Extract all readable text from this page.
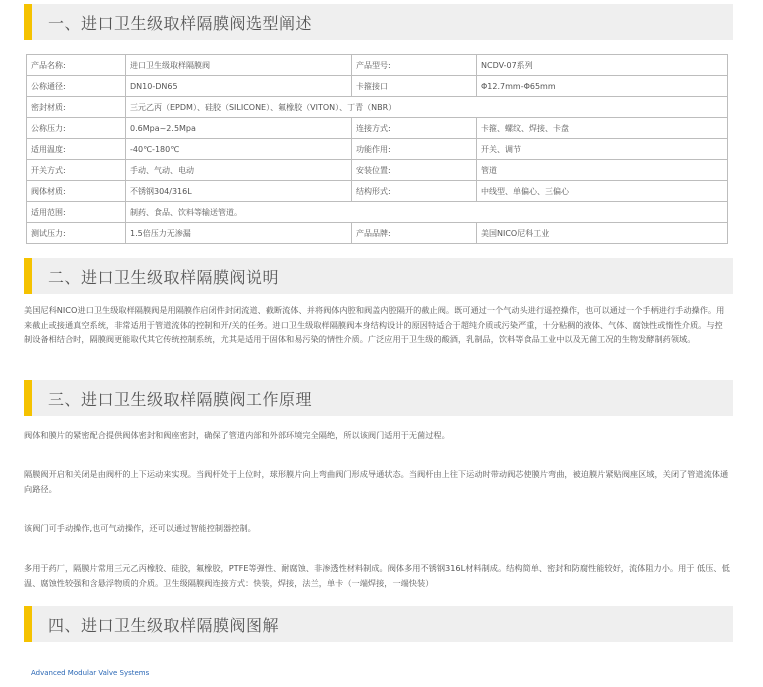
一、进口卫生级取样隔膜阀选型阐述
产品名称:	进口卫生级取样隔膜阀	产品型号:	NCDV-07系列
公称通径:	DN10-DN65	卡箍接口	Φ12.7mm-Φ65mm
密封材质:	三元乙丙（EPDM）、硅胶（SILICONE）、氟橡胶（VITON）、丁青（NBR）		
公称压力:	0.6Mpa~2.5Mpa	连接方式:	卡箍、螺纹、焊接、卡盘
适用温度:	-40℃-180℃	功能作用:	开关、调节
开关方式:	手动、气动、电动	安装位置:	管道
阀体材质:	不锈钢304/316L	结构形式:	中线型、单偏心、三偏心
适用范围:	制药、食品、饮料等输送管道。		
测试压力:	1.5倍压力无渗漏	产品品牌:	美国NICO尼科工业
二、进口卫生级取样隔膜阀说明

美国尼科NICO进口卫生级取样隔膜阀是用隔膜作启闭件封闭流道、截断流体、并将阀体内腔和阀盖内腔隔开的截止阀。既可通过一个气动头进行遥控操作，也可以通过一个手柄进行手动操作。用来截止或接通真空系统，非常适用于管道流体的控制和开/关的任务。进口卫生级取样隔膜阀本身结构设计的原因特适合于超纯介质或污染严重，十分粘稠的液体、气体、腐蚀性或惰性介质。与控制设备相结合时，隔膜阀更能取代其它传统控制系统，尤其是适用于固体和易污染的情性介质。广泛应用于卫生级的酸酒，乳制品，饮料等食品工业中以及无菌工况的生物发酵制药领域。

三、进口卫生级取样隔膜阀工作原理

阀体和膜片的紧密配合提供阀体密封和阀座密封，确保了管道内部和外部环境完全隔绝，所以该阀门适用于无菌过程。

隔膜阀开启和关闭是由阀杆的上下运动来实现。当阀杆处于上位时，球形膜片向上弯曲阀门形成导通状态。当阀杆由上往下运动时带动阀芯使膜片弯曲，被迫膜片紧贴阀座区域，关闭了管道流体通向路径。

该阀门可手动操作,也可气动操作，还可以通过智能控制器控制。

多用于药厂，隔膜片常用三元乙丙橡胶、硅胶，氟橡胶，PTFE等弹性、耐腐蚀、非渗透性材料制成。阀体多用不锈钢316L材料制成。结构简单、密封和防腐性能较好，流体阻力小。用于 低压、低温、腐蚀性较强和含悬浮物质的介质。卫生级隔膜阀连接方式：快装，焊接，法兰，单卡（一端焊接，一端快装）

四、进口卫生级取样隔膜阀图解
Advanced Modular Valve Systems
